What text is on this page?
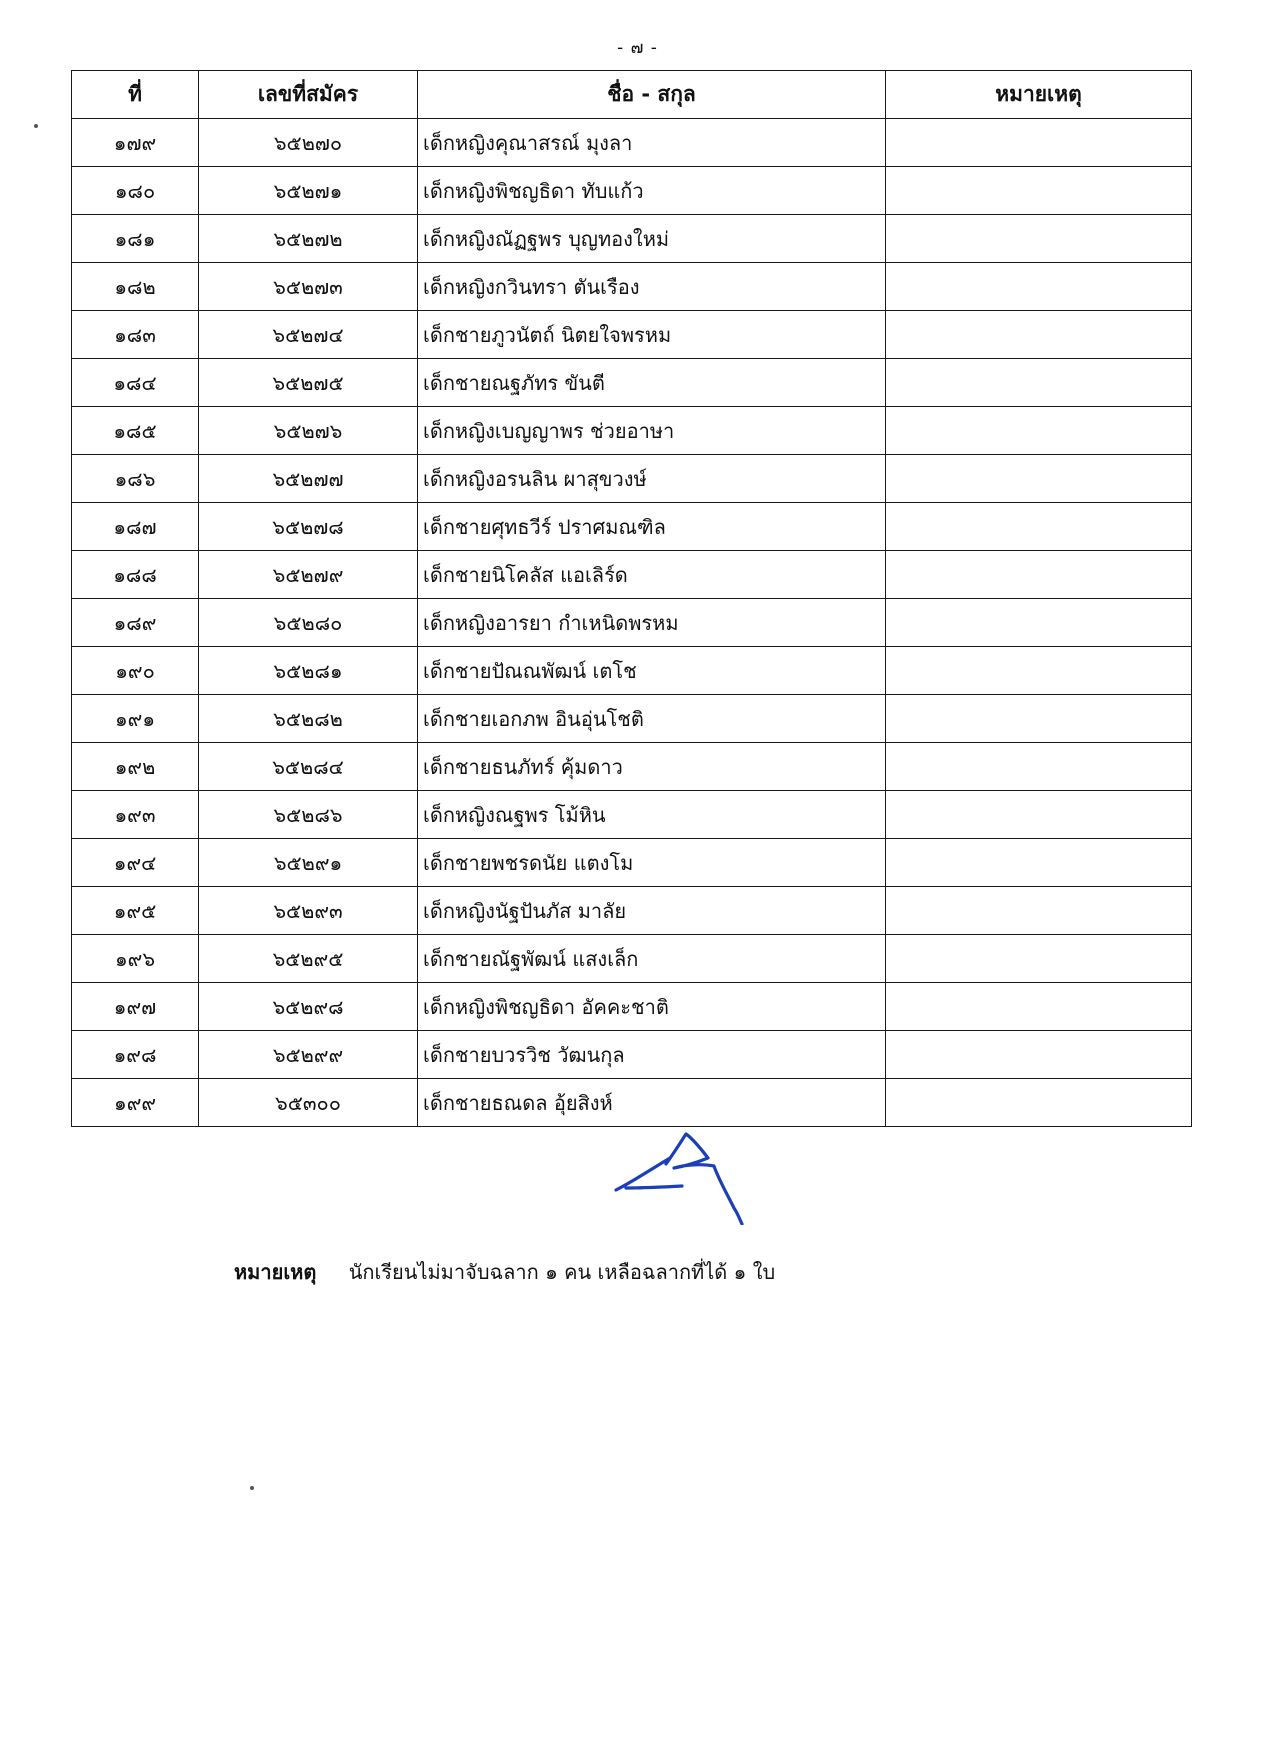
- ๗ -
ที่	เลขที่สมัคร	ชื่อ - สกุล	หมายเหตุ
๑๗๙	๖๕๒๗๐	เด็กหญิงคุณาสรณ์ มุงลา	
๑๘๐	๖๕๒๗๑	เด็กหญิงพิชญธิดา ทับแก้ว	
๑๘๑	๖๕๒๗๒	เด็กหญิงณัฏฐพร บุญทองใหม่	
๑๘๒	๖๕๒๗๓	เด็กหญิงกวินทรา ตันเรือง	
๑๘๓	๖๕๒๗๔	เด็กชายภูวนัตถ์ นิตยใจพรหม	
๑๘๔	๖๕๒๗๕	เด็กชายณฐภัทร ขันตี	
๑๘๕	๖๕๒๗๖	เด็กหญิงเบญญาพร ช่วยอาษา	
๑๘๖	๖๕๒๗๗	เด็กหญิงอรนลิน ผาสุขวงษ์	
๑๘๗	๖๕๒๗๘	เด็กชายศุทธวีร์ ปราศมณฑิล	
๑๘๘	๖๕๒๗๙	เด็กชายนิโคลัส แอเลิร์ด	
๑๘๙	๖๕๒๘๐	เด็กหญิงอารยา กำเหนิดพรหม	
๑๙๐	๖๕๒๘๑	เด็กชายปัณณพัฒน์ เตโช	
๑๙๑	๖๕๒๘๒	เด็กชายเอกภพ อินอุ่นโชติ	
๑๙๒	๖๕๒๘๔	เด็กชายธนภัทร์ คุ้มดาว	
๑๙๓	๖๕๒๘๖	เด็กหญิงณฐพร โม้หิน	
๑๙๔	๖๕๒๙๑	เด็กชายพชรดนัย แตงโม	
๑๙๕	๖๕๒๙๓	เด็กหญิงนัฐปันภัส มาลัย	
๑๙๖	๖๕๒๙๕	เด็กชายณัฐพัฒน์ แสงเล็ก	
๑๙๗	๖๕๒๙๘	เด็กหญิงพิชญธิดา อัคคะชาติ	
๑๙๘	๖๕๒๙๙	เด็กชายบวรวิช วัฒนกุล	
๑๙๙	๖๕๓๐๐	เด็กชายธณดล อุ้ยสิงห์	
หมายเหตุ นักเรียนไม่มาจับฉลาก ๑ คน เหลือฉลากที่ได้ ๑ ใบ
